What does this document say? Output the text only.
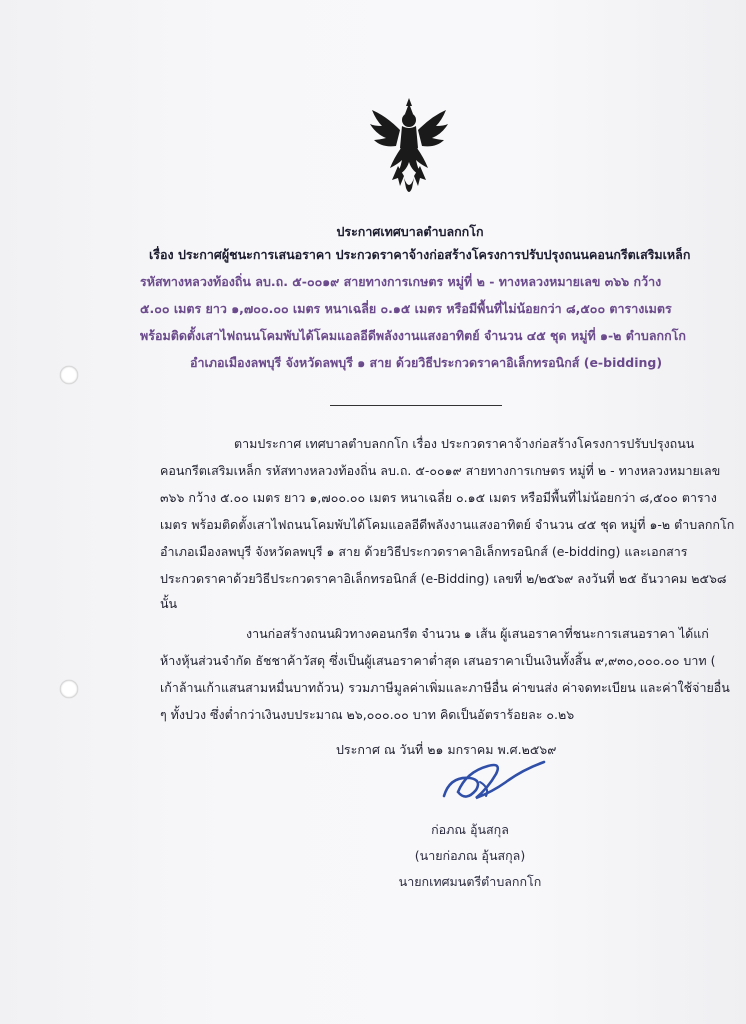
ประกาศเทศบาลตำบลกกโก
เรื่อง ประกาศผู้ชนะการเสนอราคา ประกวดราคาจ้างก่อสร้างโครงการปรับปรุงถนนคอนกรีตเสริมเหล็ก
รหัสทางหลวงท้องถิ่น ลบ.ถ. ๕-๐๐๑๙ สายทางการเกษตร หมู่ที่ ๒ - ทางหลวงหมายเลข ๓๖๖ กว้าง
๕.๐๐ เมตร ยาว ๑,๗๐๐.๐๐ เมตร หนาเฉลี่ย ๐.๑๕ เมตร หรือมีพื้นที่ไม่น้อยกว่า ๘,๕๐๐ ตารางเมตร
พร้อมติดตั้งเสาไฟถนนโคมพับได้โคมแอลอีดีพลังงานแสงอาทิตย์ จำนวน ๔๕ ชุด หมู่ที่ ๑-๒ ตำบลกกโก
อำเภอเมืองลพบุรี จังหวัดลพบุรี ๑ สาย ด้วยวิธีประกวดราคาอิเล็กทรอนิกส์ (e-bidding)
ตามประกาศ เทศบาลตำบลกกโก เรื่อง ประกวดราคาจ้างก่อสร้างโครงการปรับปรุงถนน
คอนกรีตเสริมเหล็ก รหัสทางหลวงท้องถิ่น ลบ.ถ. ๕-๐๐๑๙ สายทางการเกษตร หมู่ที่ ๒ - ทางหลวงหมายเลข
๓๖๖ กว้าง ๕.๐๐ เมตร ยาว ๑,๗๐๐.๐๐ เมตร หนาเฉลี่ย ๐.๑๕ เมตร หรือมีพื้นที่ไม่น้อยกว่า ๘,๕๐๐ ตาราง
เมตร พร้อมติดตั้งเสาไฟถนนโคมพับได้โคมแอลอีดีพลังงานแสงอาทิตย์ จำนวน ๔๕ ชุด หมู่ที่ ๑-๒ ตำบลกกโก
อำเภอเมืองลพบุรี จังหวัดลพบุรี ๑ สาย ด้วยวิธีประกวดราคาอิเล็กทรอนิกส์ (e-bidding) และเอกสาร
ประกวดราคาด้วยวิธีประกวดราคาอิเล็กทรอนิกส์ (e-Bidding) เลขที่ ๒/๒๕๖๙ ลงวันที่ ๒๕ ธันวาคม ๒๕๖๘
นั้น
งานก่อสร้างถนนผิวทางคอนกรีต จำนวน ๑ เส้น ผู้เสนอราคาที่ชนะการเสนอราคา ได้แก่
ห้างหุ้นส่วนจำกัด ธัชชาค้าวัสดุ ซึ่งเป็นผู้เสนอราคาต่ำสุด เสนอราคาเป็นเงินทั้งสิ้น ๙,๙๓๐,๐๐๐.๐๐ บาท (
เก้าล้านเก้าแสนสามหมื่นบาทถ้วน) รวมภาษีมูลค่าเพิ่มและภาษีอื่น ค่าขนส่ง ค่าจดทะเบียน และค่าใช้จ่ายอื่น
ๆ ทั้งปวง ซึ่งต่ำกว่าเงินงบประมาณ ๒๖,๐๐๐.๐๐ บาท คิดเป็นอัตราร้อยละ ๐.๒๖
ประกาศ ณ วันที่ ๒๑ มกราคม พ.ศ.๒๕๖๙
ก่อภณ อุ้นสกุล
(นายก่อภณ อุ้นสกุล)
นายกเทศมนตรีตำบลกกโก
